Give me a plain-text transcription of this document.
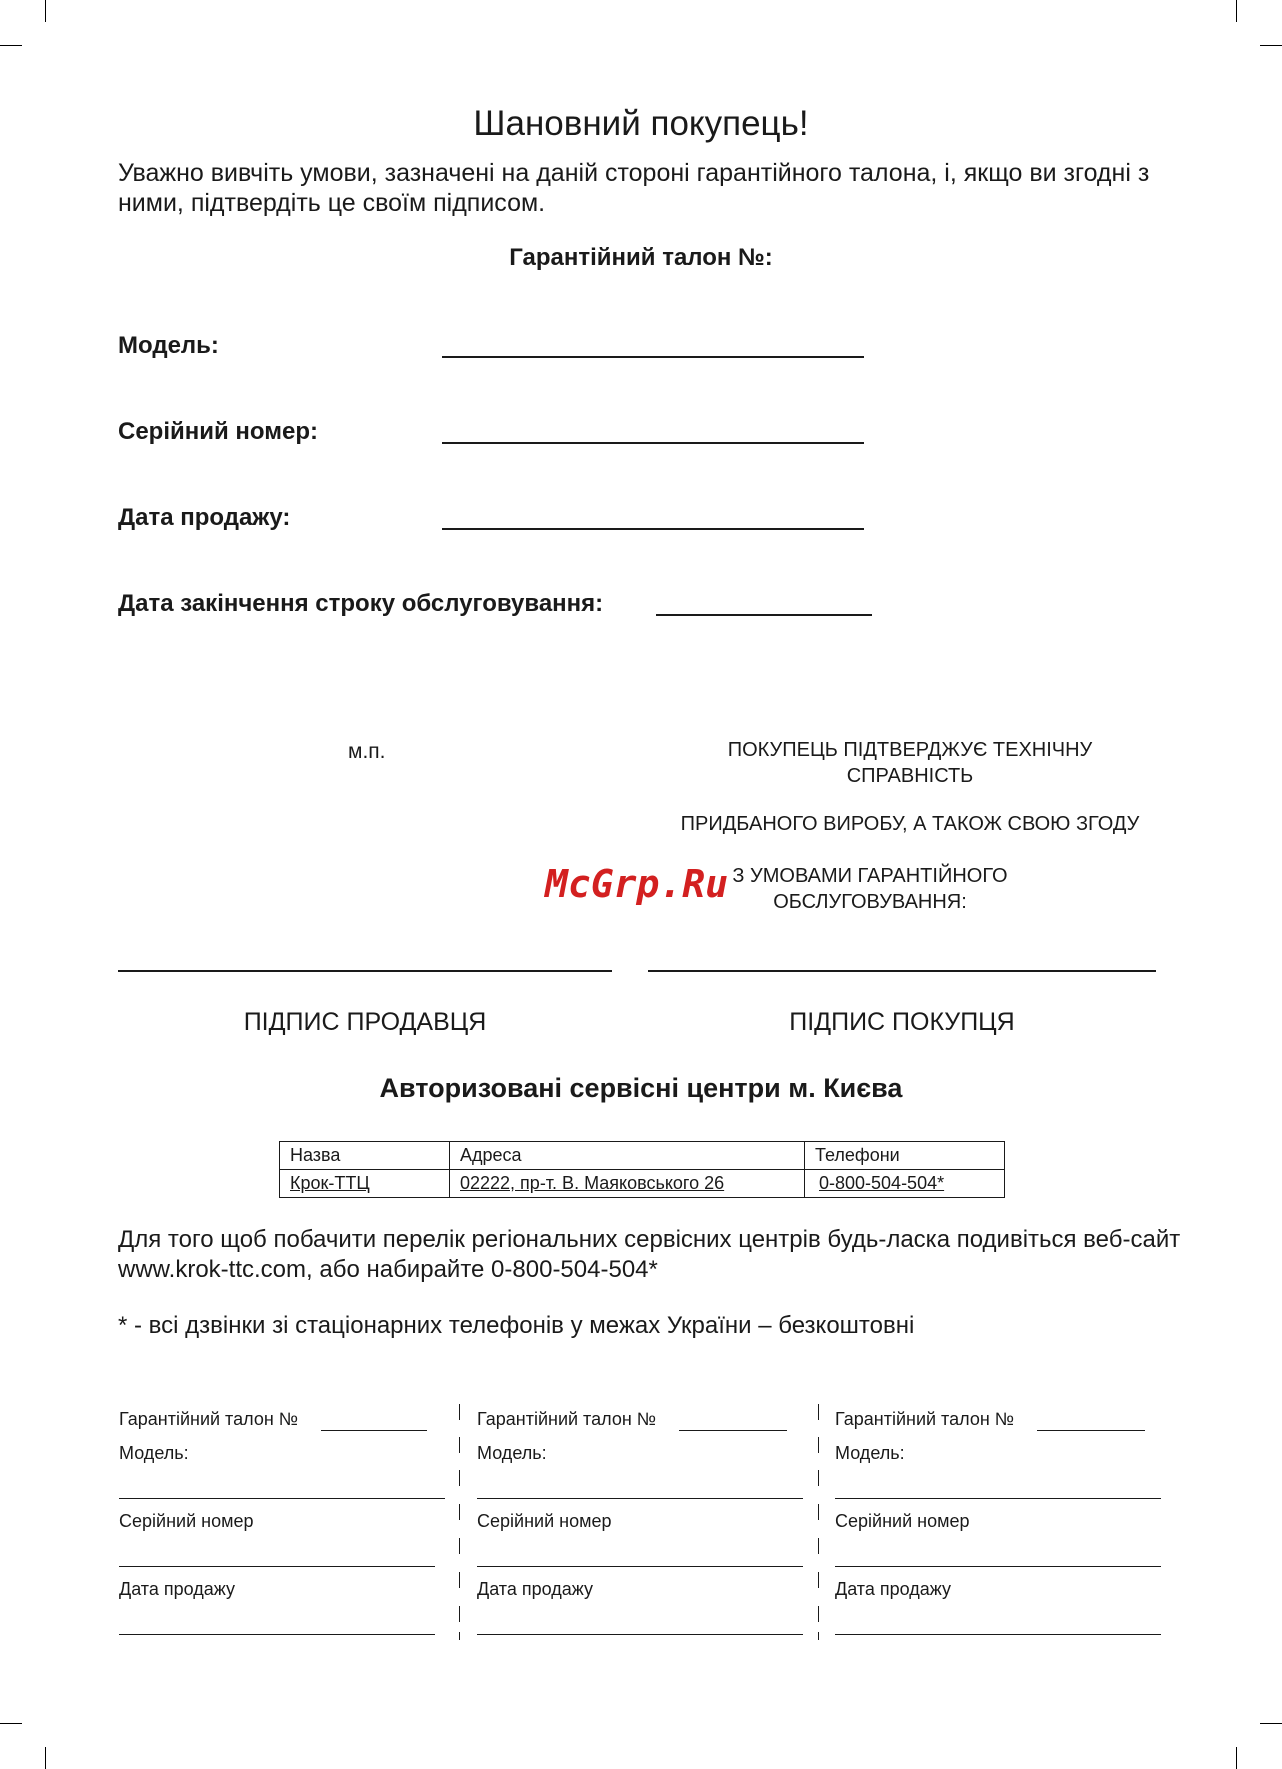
Шановний покупець!
Уважно вивчіть умови, зазначені на даній стороні гарантійного талона, і, якщо ви згодні з ними, підтвердіть це своїм підписом.
Гарантійний талон №:
Модель:
Серійний номер:
Дата продажу:
Дата закінчення строку обслуговування:
м.п.	ПОКУПЕЦЬ ПІДТВЕРДЖУЄ ТЕХНІЧНУ
СПРАВНІСТЬ
ПРИДБАНОГО ВИРОБУ, А ТАКОЖ СВОЮ ЗГОДУ
З УМОВАМИ ГАРАНТІЙНОГО
ОБСЛУГОВУВАННЯ:
McGrp.Ru
ПІДПИС ПРОДАВЦЯ	ПІДПИС ПОКУПЦЯ
Авторизовані сервісні центри м. Києва
Назва	Адреса	Телефони
Крок-ТТЦ	02222, пр-т. В. Маяковського 26	0-800-504-504*
Для того щоб побачити перелік регіональних сервісних центрів будь-ласка подивіться веб-сайт www.krok-ttc.com, або набирайте 0-800-504-504*
* - всі дзвінки зі стаціонарних телефонів у межах України – безкоштовні
Гарантійний талон №
Модель:
Серійний номер
Дата продажу
Гарантійний талон №
Модель:
Серійний номер
Дата продажу
Гарантійний талон №
Модель:
Серійний номер
Дата продажу
